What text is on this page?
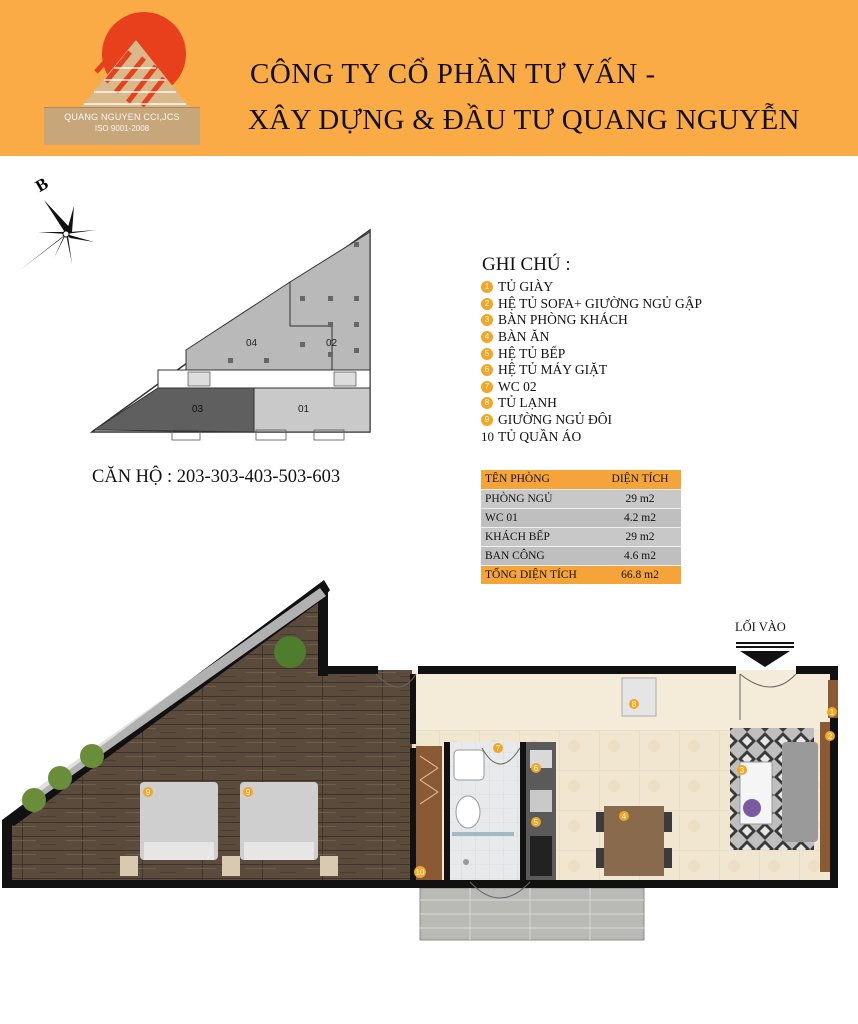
QUANG NGUYEN CCI,JCS
ISO 9001-2008
CÔNG TY CỔ PHẦN TƯ VẤN -
XÂY DỰNG & ĐẦU TƯ QUANG NGUYỄN
B
04	02
03	01
CĂN HỘ : 203-303-403-503-603
GHI CHÚ :
1 TỦ GIÀY
2 HỆ TỦ SOFA+ GIƯỜNG NGỦ GẬP
3 BÀN PHÒNG KHÁCH
4 BÀN ĂN
5 HỆ TỦ BẾP
6 HỆ TỦ MÁY GIẶT
7 WC 02
8 TỦ LẠNH
9 GIƯỜNG NGỦ ĐÔI
10 TỦ QUẦN ÁO
TÊN PHÒNG	DIỆN TÍCH
PHÒNG NGỦ	29 m2
WC 01	4.2 m2
KHÁCH BẾP	29 m2
BAN CÔNG	4.6 m2
TỔNG DIỆN TÍCH	66.8 m2
LỐI VÀO
1
2
3
4
5
6
7
8
9	9
10
